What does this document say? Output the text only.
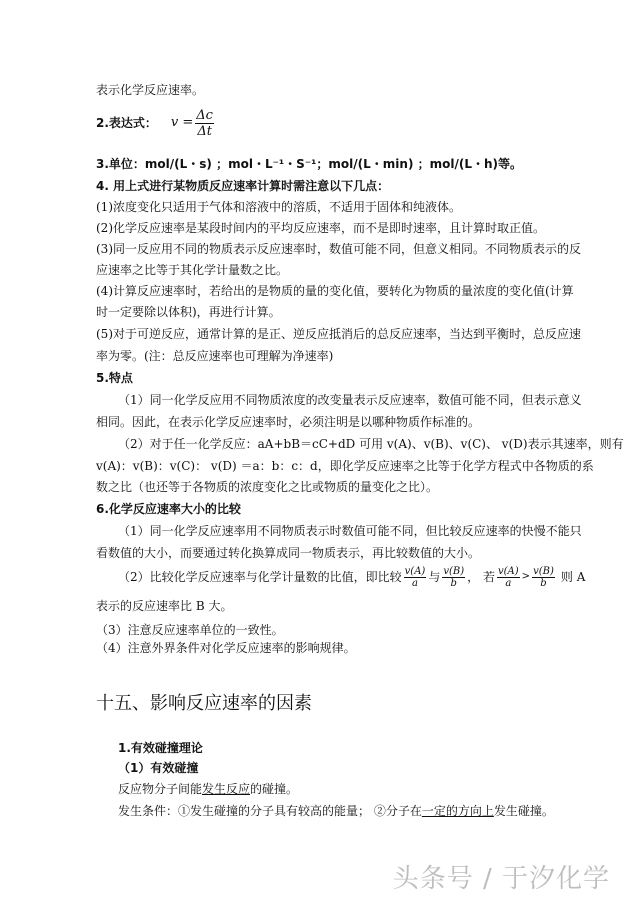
表示化学反应速率。
2.表达式： $v = \frac{\Delta c}{\Delta t}$
3.单位：mol/(L・s) ；mol・L⁻¹・S⁻¹；mol/(L・min) ；mol/(L・h)等。
4. 用上式进行某物质反应速率计算时需注意以下几点：
(1)浓度变化只适用于气体和溶液中的溶质，不适用于固体和纯液体。
(2)化学反应速率是某段时间内的平均反应速率，而不是即时速率，且计算时取正值。
(3)同一反应用不同的物质表示反应速率时，数值可能不同，但意义相同。不同物质表示的反
应速率之比等于其化学计量数之比。
(4)计算反应速率时，若给出的是物质的量的变化值，要转化为物质的量浓度的变化值(计算
时一定要除以体积)，再进行计算。
(5)对于可逆反应，通常计算的是正、逆反应抵消后的总反应速率，当达到平衡时，总反应速
率为零。(注：总反应速率也可理解为净速率)
5.特点
（1）同一化学反应用不同物质浓度的改变量表示反应速率，数值可能不同，但表示意义
相同。因此，在表示化学反应速率时，必须注明是以哪种物质作标准的。
（2）对于任一化学反应：aA+bB＝cC+dD 可用 v(A)、v(B)、v(C)、 v(D)表示其速率，则有
v(A)：v(B)：v(C)： v(D) ＝a：b：c：d，即化学反应速率之比等于化学方程式中各物质的系
数之比（也还等于各物质的浓度变化之比或物质的量变化之比）。
6.化学反应速率大小的比较
（1）同一化学反应速率用不同物质表示时数值可能不同，但比较反应速率的快慢不能只
看数值的大小，而要通过转化换算成同一物质表示，再比较数值的大小。
（2）比较化学反应速率与化学计量数的比值，即比较 $\frac{v(A)}{a}$ 与 $\frac{v(B)}{b}$ ， 若 $\frac{v(A)}{a} > \frac{v(B)}{b}$ 则 A
表示的反应速率比 B 大。
（3）注意反应速率单位的一致性。
（4）注意外界条件对化学反应速率的影响规律。
十五、影响反应速率的因素
1.有效碰撞理论
（1）有效碰撞
反应物分子间能发生反应的碰撞。
发生条件：①发生碰撞的分子具有较高的能量； ②分子在一定的方向上发生碰撞。
头条号 / 于汐化学
